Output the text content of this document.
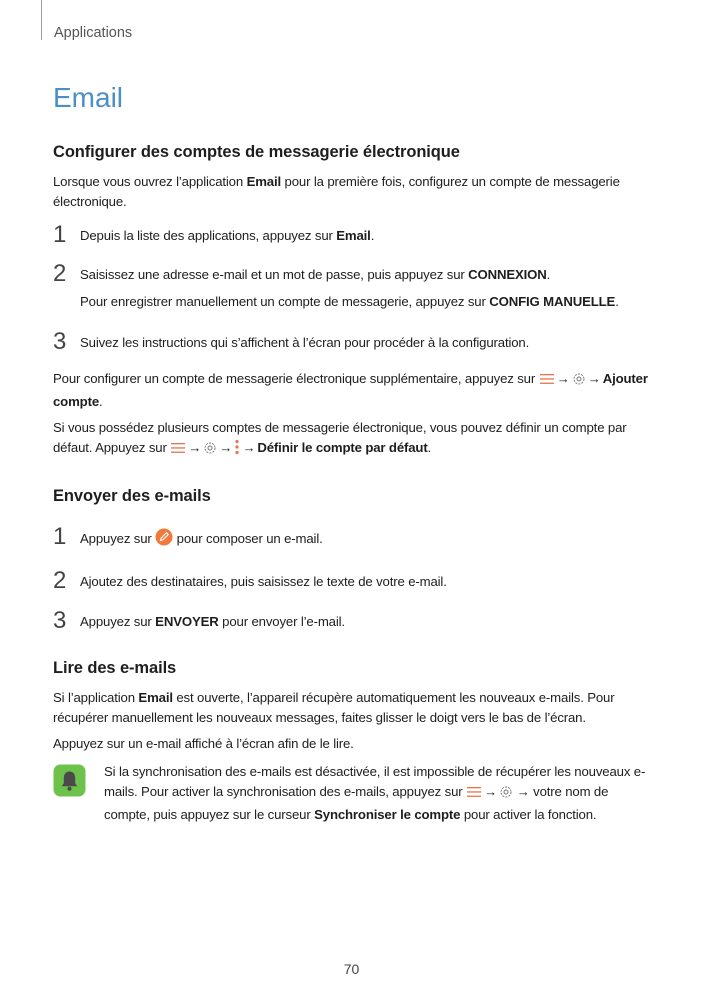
Applications
Email
Configurer des comptes de messagerie électronique

Lorsque vous ouvrez l’application Email pour la première fois, configurez un compte de messagerie électronique.

1 Depuis la liste des applications, appuyez sur Email.
2 Saisissez une adresse e-mail et un mot de passe, puis appuyez sur CONNEXION.
Pour enregistrer manuellement un compte de messagerie, appuyez sur CONFIG MANUELLE.
3 Suivez les instructions qui s’affichent à l’écran pour procéder à la configuration.

Pour configurer un compte de messagerie électronique supplémentaire, appuyez sur → → Ajouter compte.

Si vous possédez plusieurs comptes de messagerie électronique, vous pouvez définir un compte par défaut. Appuyez sur → → → Définir le compte par défaut.

Envoyer des e-mails
1 Appuyez sur  pour composer un e-mail.
2 Ajoutez des destinataires, puis saisissez le texte de votre e-mail.
3 Appuyez sur ENVOYER pour envoyer l’e-mail.
Lire des e-mails

Si l’application Email est ouverte, l’appareil récupère automatiquement les nouveaux e-mails. Pour récupérer manuellement les nouveaux messages, faites glisser le doigt vers le bas de l’écran.

Appuyez sur un e-mail affiché à l’écran afin de le lire.

Si la synchronisation des e-mails est désactivée, il est impossible de récupérer les nouveaux e-mails. Pour activer la synchronisation des e-mails, appuyez sur → → votre nom de compte, puis appuyez sur le curseur Synchroniser le compte pour activer la fonction.

70
